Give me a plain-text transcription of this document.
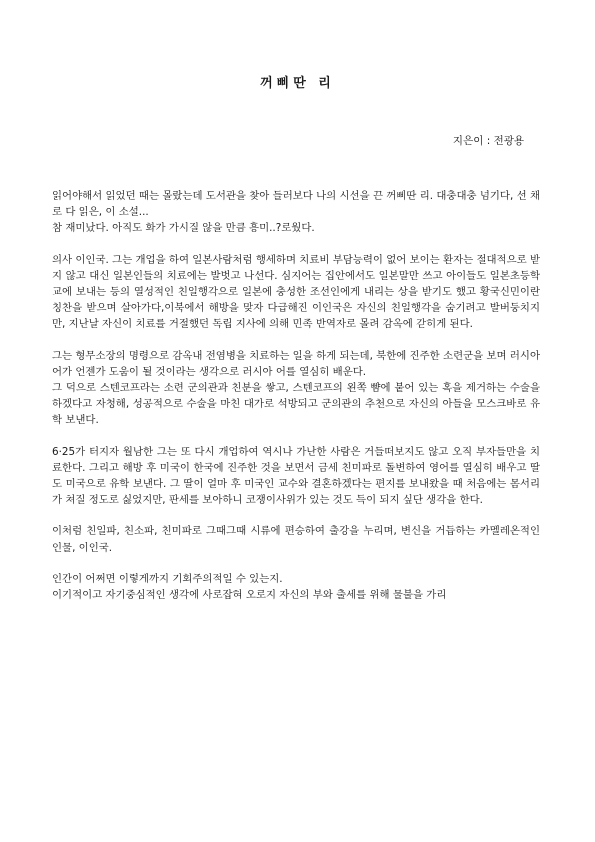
꺼삐딴 리
지은이 : 전광용

읽어야해서 읽었던 때는 몰랐는데 도서관을 찾아 들러보다 나의 시선을 끈 꺼삐딴 리. 대충대충 넘기다, 선 채로 다 읽은, 이 소설...
참 재미났다. 아직도 화가 가시질 않을 만큼 흥미..?로웠다.

의사 이인국. 그는 개업을 하여 일본사람처럼 행세하며 치료비 부담능력이 없어 보이는 환자는 절대적으로 받지 않고 대신 일본인들의 치료에는 발벗고 나선다. 심지어는 집안에서도 일본말만 쓰고 아이들도 일본초등학교에 보내는 등의 열성적인 친일행각으로 일본에 충성한 조선인에게 내리는 상을 받기도 했고 황국신민이란 칭찬을 받으며 살아가다,이북에서 해방을 맞자 다급해진 이인국은 자신의 친일행각을 숨기려고 발버둥치지만, 지난날 자신이 치료를 거절했던 독립 지사에 의해 민족 반역자로 몰려 감옥에 갇히게 된다.

그는 형무소장의 명령으로 감옥내 전염병을 치료하는 일을 하게 되는데, 북한에 진주한 소련군을 보며 러시아어가 언젠가 도움이 될 것이라는 생각으로 러시아 어를 열심히 배운다.
그 덕으로 스텐코프라는 소련 군의관과 친분을 쌓고, 스텐코프의 왼쪽 뺨에 붙어 있는 혹을 제거하는 수술을 하겠다고 자청해, 성공적으로 수술을 마친 대가로 석방되고 군의관의 추천으로 자신의 아들을 모스크바로 유학 보낸다.

6·25가 터지자 월남한 그는 또 다시 개업하여 역시나 가난한 사람은 거들떠보지도 않고 오직 부자들만을 치료한다. 그리고 해방 후 미국이 한국에 진주한 것을 보면서 금세 친미파로 돌변하여 영어를 열심히 배우고 딸도 미국으로 유학 보낸다. 그 딸이 얼마 후 미국인 교수와 결혼하겠다는 편지를 보내왔을 때 처음에는 몸서리가 쳐질 정도로 싫었지만, 판세를 보아하니 코쟁이사위가 있는 것도 득이 되지 싶단 생각을 한다.

이처럼 친일파, 친소파, 친미파로 그때그때 시류에 편승하여 출강을 누리며, 변신을 거듭하는 카멜레온적인 인물, 이인국.

인간이 어쩌면 이렇게까지 기회주의적일 수 있는지.
이기적이고 자기중심적인 생각에 사로잡혀 오로지 자신의 부와 출세를 위해 물불을 가리
